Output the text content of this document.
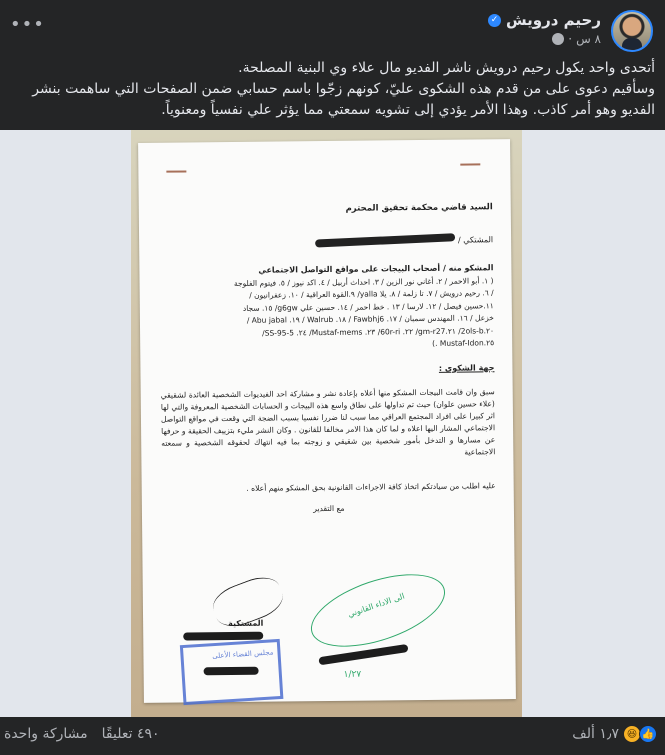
رحيم درويش
✓
٨ س
·
•••
أتحدى واحد يكول رحيم درويش ناشر الفديو مال علاء وي البنية المصلحة.
وسأقيم دعوى على من قدم هذه الشكوى عليّ، كونهم زجّوا باسم حسابي ضمن الصفحات التي ساهمت بنشر
الفديو وهو أمر كاذب. وهذا الأمر يؤدي إلى تشويه سمعتي مما يؤثر علي نفسياً ومعنوياً.
السيد قاضي محكمة تحقيق المحترم
المشتكي /
المشكو منه / أصحاب البيجات على مواقع التواصل الاجتماعي
( ١. أبو الاحمر / ٢. أغاني نور الزين / ٣. احداث أربيل / ٤. اكد نيوز / ٥. فيتوم الفلوجة
/ ٦. رحيم درويش / ٧. تا زلمة / ٨. يلا yalla/ ٩.القوة العراقية / ١٠. زعفرانيون /
١١.حسين فيصل / ١٢. لارسا / ١٣ . خط احمر / ١٤. حسين علي g6gw/ ١٥. سجاد
خزعل / ١٦. المهندس سمبان / ١٧. Fawbhj6 / ١٨. Walrub / ١٩. Abu jabal /
٢٠.2ols-b/ ٢١.gm-r27/ ٢٢. 60r-ri/ ٢٣. Mustaf-mems/ ٢٤. SS-95-5/
٢٥.Mustaf-Idon .)
جهة الشكوى :
سبق وان قامت البيجات المشكو منها أعلاه بإعادة نشر و مشاركة احد الفيديوات الشخصية العائدة لشقيقي (علاء حسين علوان) حيث تم تداولها على نطاق واسع هذه البيجات و الحسابات الشخصية المعروفة والتي لها اثر كبيرا على افراد المجتمع العراقي مما سبب لنا ضررا نفسيا بسبب الضجة التي وقعت في مواقع التواصل الاجتماعي المشار اليها اعلاه و لما كان هذا الامر مخالفا للقانون . وكان النشر مليء بتزييف الحقيقة و حرفها عن مسارها و التدخل بأمور شخصية بين شقيقي و زوجته بما فيه انتهاك لحقوقه الشخصية و سمعته الاجتماعية
عليه اطلب من سيادتكم اتخاذ كافة الاجراءات القانونية بحق المشكو منهم أعلاه .
مع التقدير
المشتكية
مجلس القضاء الأعلى
الى الاداء القانوني
١/٢٧
👍
😆
١٫٧ ألف
٤٩٠ تعليقًا
مشاركة واحدة
